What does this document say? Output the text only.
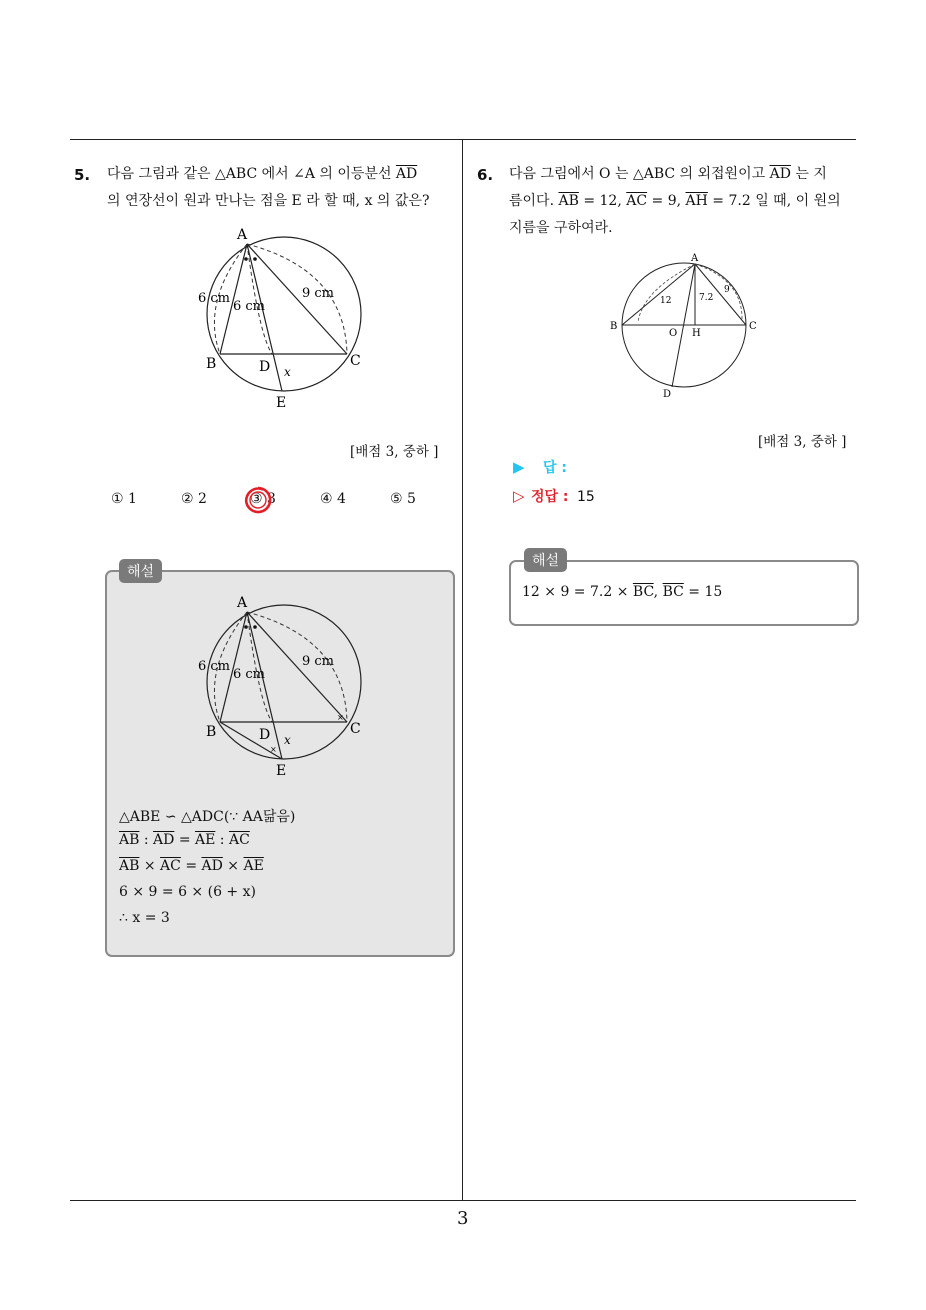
5. 다음 그림과 같은 △ABC 에서 ∠A 의 이등분선 $\overline{AD}$
의 연장선이 원과 만나는 점을 E 라 할 때, x 의 값은?
A
B	C
D
E
6 cm
6 cm
9 cm
x
[배점 3, 중하 ]
① 1	② 2	③ 3	④ 4	⑤ 5
해설
×
×
A
B	C
D
E
6 cm
6 cm
9 cm
x
△ABE ∽ △ADC(∵ AA닮음)
$\overline{AB}$ : $\overline{AD} = \overline{AE}$ : $\overline{AC}$
$\overline{AB} \times \overline{AC} = \overline{AD} \times \overline{AE}$
6 × 9 = 6 × (6 + x)
∴ x = 3
6. 다음 그림에서 O 는 △ABC 의 외접원이고 $\overline{AD}$ 는 지
름이다. $\overline{AB} = 12$, $\overline{AC} = 9$, $\overline{AH} = 7.2$ 일 때, 이 원의
지름을 구하여라.
A
B	C
O H
D
12	7.2
9
[배점 3, 중하 ]
▶ 답 :
▷ 정답 : 15
해설
$12 \times 9 = 7.2 \times \overline{BC}$, $\overline{BC} = 15$
3
